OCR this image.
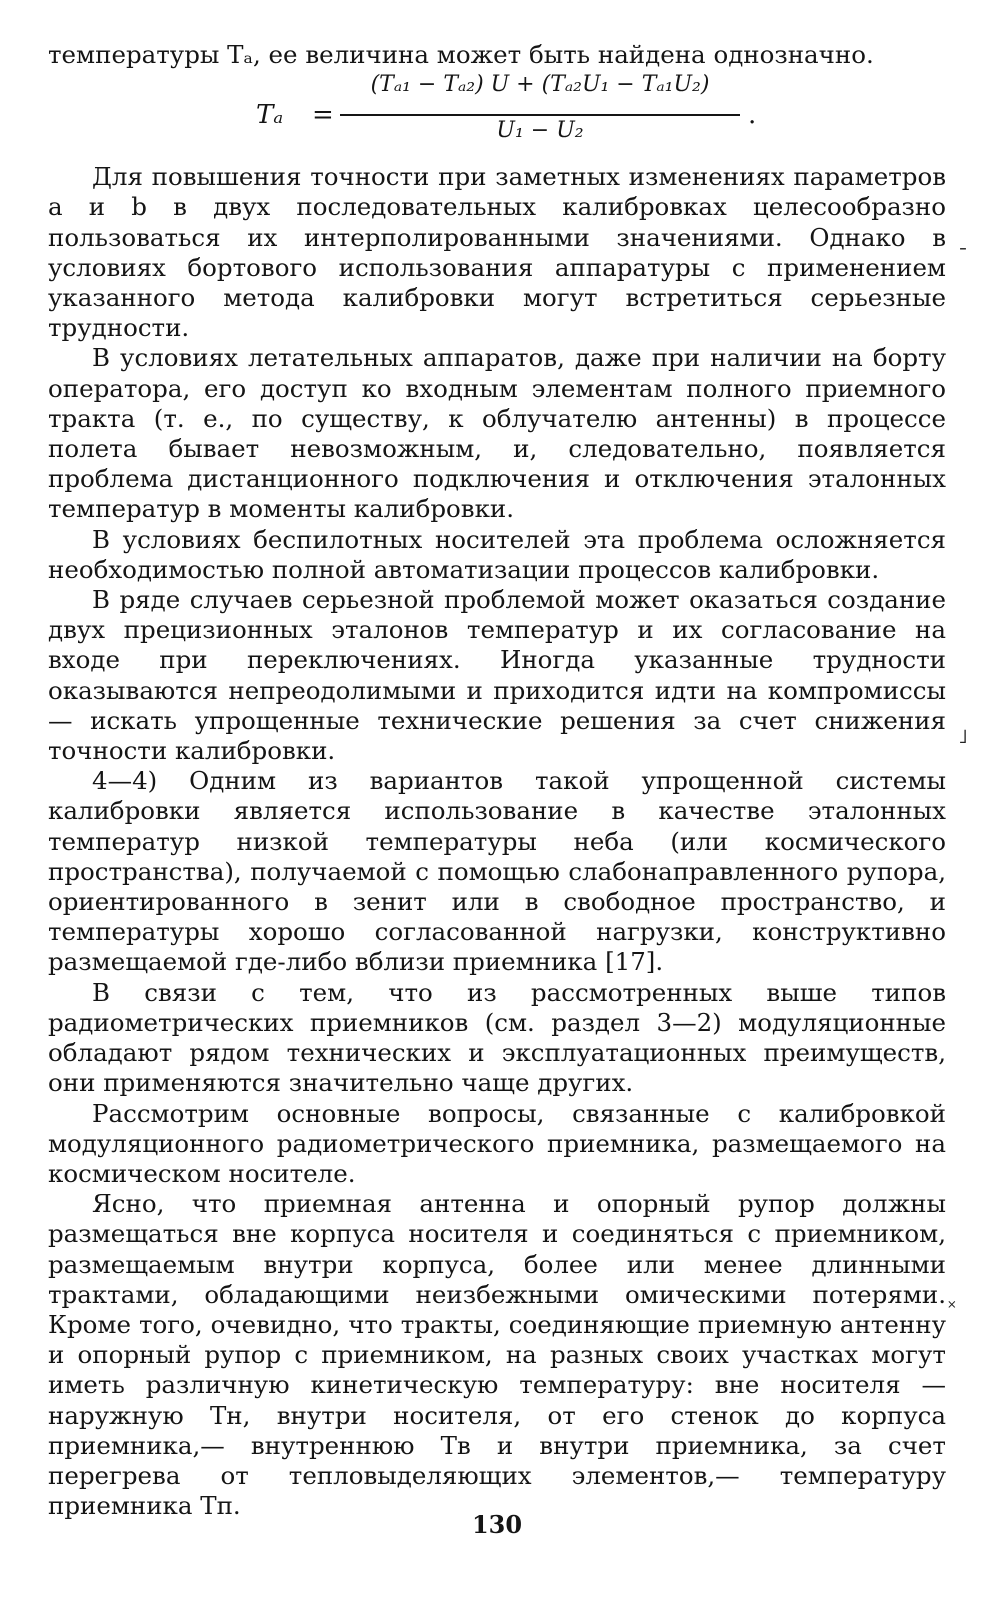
температуры Tₐ, ее величина может быть найдена однозначно.

Tₐ =
(Tₐ₁ − Tₐ₂) U + (Tₐ₂U₁ − Tₐ₁U₂)
U₁ − U₂
.

Для повышения точности при заметных изменениях параметров a и b в двух последовательных калибровках целесообразно пользоваться их интерполированными значениями. Однако в условиях бортового использования аппаратуры с применением указанного метода калибровки могут встретиться серьезные трудности.

В условиях летательных аппаратов, даже при наличии на борту оператора, его доступ ко входным элементам полного приемного тракта (т. е., по существу, к облучателю антенны) в процессе полета бывает невозможным, и, следовательно, появляется проблема дистанционного подключения и отключения эталонных температур в моменты калибровки.

В условиях беспилотных носителей эта проблема осложняется необходимостью полной автоматизации процессов калибровки.

В ряде случаев серьезной проблемой может оказаться создание двух прецизионных эталонов температур и их согласование на входе при переключениях. Иногда указанные трудности оказываются непреодолимыми и приходится идти на компромиссы — искать упрощенные технические решения за счет снижения точности калибровки.

4—4) Одним из вариантов такой упрощенной системы калибровки является использование в качестве эталонных температур низкой температуры неба (или космического пространства), получаемой с помощью слабонаправленного рупора, ориентированного в зенит или в свободное пространство, и температуры хорошо согласованной нагрузки, конструктивно размещаемой где-либо вблизи приемника [17].

В связи с тем, что из рассмотренных выше типов радиометрических приемников (см. раздел 3—2) модуляционные обладают рядом технических и эксплуатационных преимуществ, они применяются значительно чаще других.

Рассмотрим основные вопросы, связанные с калибровкой модуляционного радиометрического приемника, размещаемого на космическом носителе.

Ясно, что приемная антенна и опорный рупор должны размещаться вне корпуса носителя и соединяться с приемником, размещаемым внутри корпуса, более или менее длинными трактами, обладающими неизбежными омическими потерями. Кроме того, очевидно, что тракты, соединяющие приемную антенну и опорный рупор с приемником, на разных своих участках могут иметь различную кинетическую температуру: вне носителя — наружную Tн, внутри носителя, от его стенок до корпуса приемника,— внутреннюю Tв и внутри приемника, за счет перегрева от тепловыделяющих элементов,— температуру приемника Tп.

130
¯
˩
˟
